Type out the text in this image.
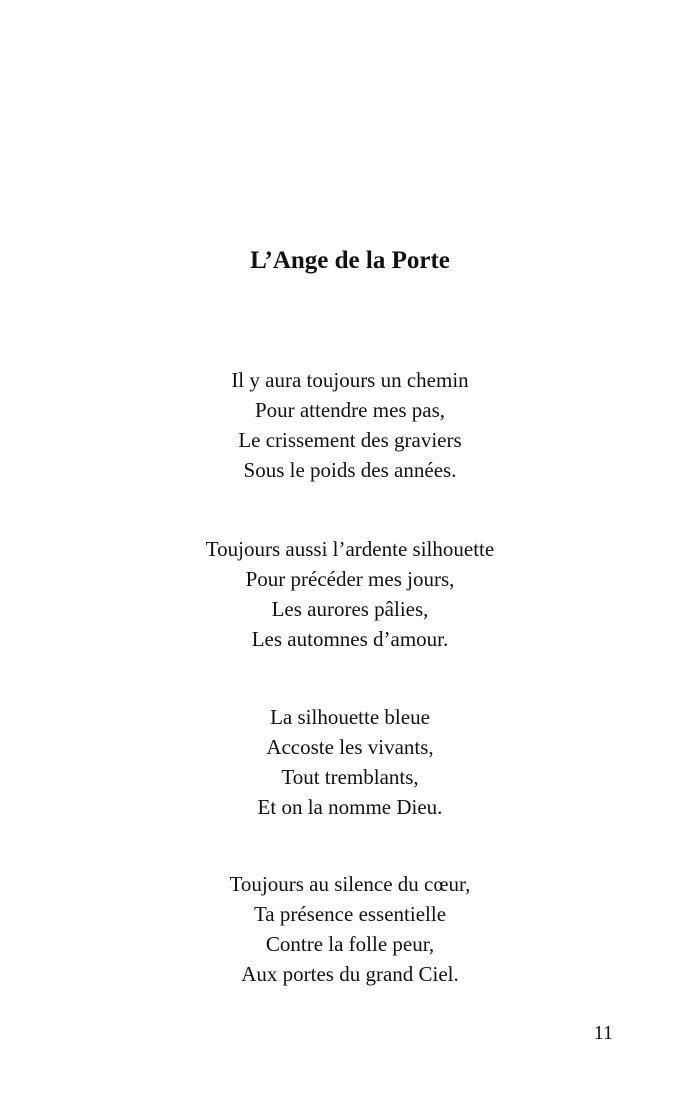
L’Ange de la Porte
Il y aura toujours un chemin
Pour attendre mes pas,
Le crissement des graviers
Sous le poids des années.
Toujours aussi l’ardente silhouette
Pour précéder mes jours,
Les aurores pâlies,
Les automnes d’amour.
La silhouette bleue
Accoste les vivants,
Tout tremblants,
Et on la nomme Dieu.
Toujours au silence du cœur,
Ta présence essentielle
Contre la folle peur,
Aux portes du grand Ciel.
11
